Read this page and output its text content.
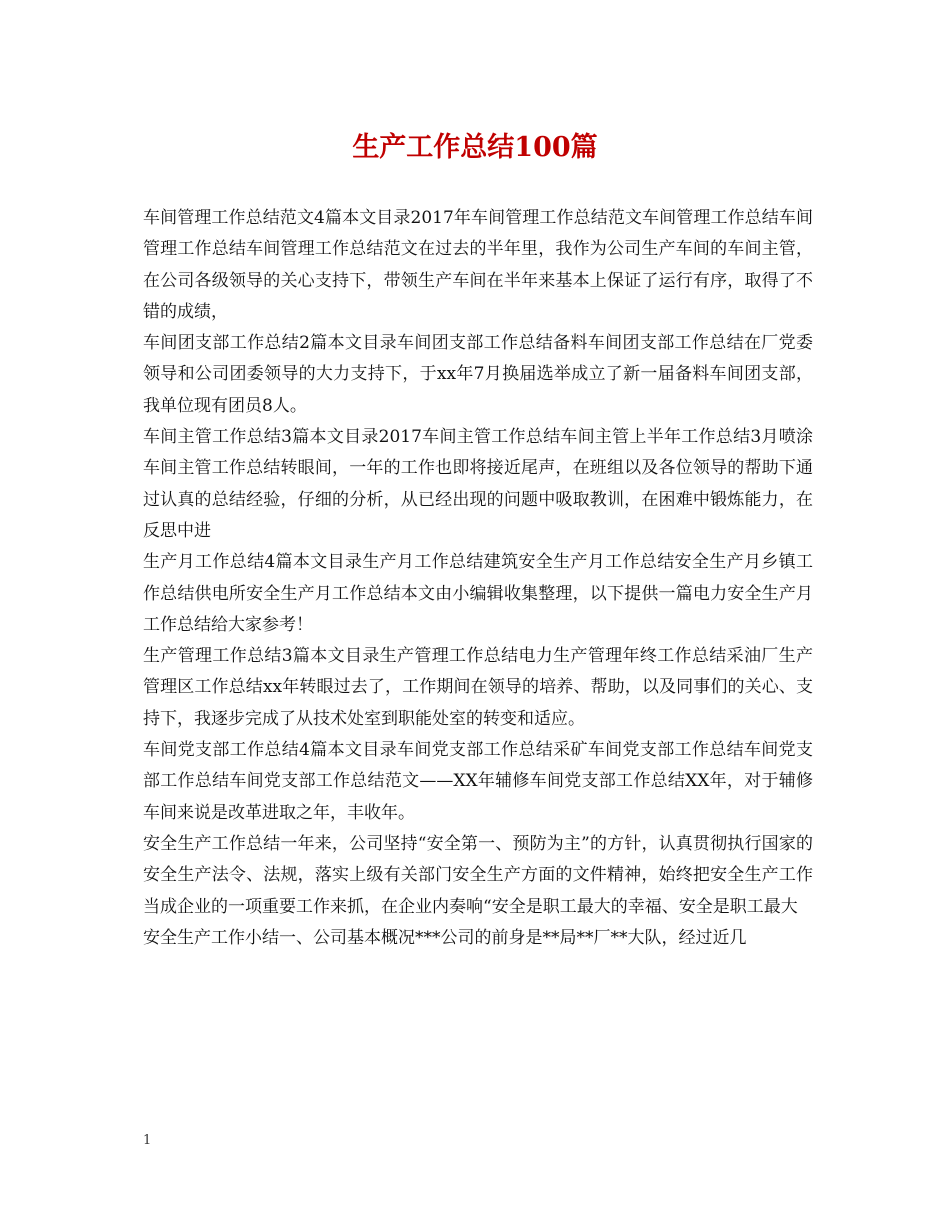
生产工作总结100篇

车间管理工作总结范文4篇本文目录2017年车间管理工作总结范文车间管理工作总结车间管理工作总结车间管理工作总结范文在过去的半年里，我作为公司生产车间的车间主管，在公司各级领导的关心支持下，带领生产车间在半年来基本上保证了运行有序，取得了不错的成绩，

车间团支部工作总结2篇本文目录车间团支部工作总结备料车间团支部工作总结在厂党委领导和公司团委领导的大力支持下，于xx年7月换届选举成立了新一届备料车间团支部，我单位现有团员8人。

车间主管工作总结3篇本文目录2017车间主管工作总结车间主管上半年工作总结3月喷涂车间主管工作总结转眼间，一年的工作也即将接近尾声，在班组以及各位领导的帮助下通过认真的总结经验，仔细的分析，从已经出现的问题中吸取教训，在困难中锻炼能力，在反思中进

生产月工作总结4篇本文目录生产月工作总结建筑安全生产月工作总结安全生产月乡镇工作总结供电所安全生产月工作总结本文由小编辑收集整理，以下提供一篇电力安全生产月工作总结给大家参考！

生产管理工作总结3篇本文目录生产管理工作总结电力生产管理年终工作总结采油厂生产管理区工作总结xx年转眼过去了，工作期间在领导的培养、帮助，以及同事们的关心、支持下，我逐步完成了从技术处室到职能处室的转变和适应。

车间党支部工作总结4篇本文目录车间党支部工作总结采矿车间党支部工作总结车间党支部工作总结车间党支部工作总结范文——XX年辅修车间党支部工作总结XX年，对于辅修车间来说是改革进取之年，丰收年。

安全生产工作总结一年来，公司坚持“安全第一、预防为主”的方针，认真贯彻执行国家的安全生产法令、法规，落实上级有关部门安全生产方面的文件精神，始终把安全生产工作当成企业的一项重要工作来抓，在企业内奏响“安全是职工最大的幸福、安全是职工最大

安全生产工作小结一、公司基本概况***公司的前身是**局**厂**大队，经过近几

1
